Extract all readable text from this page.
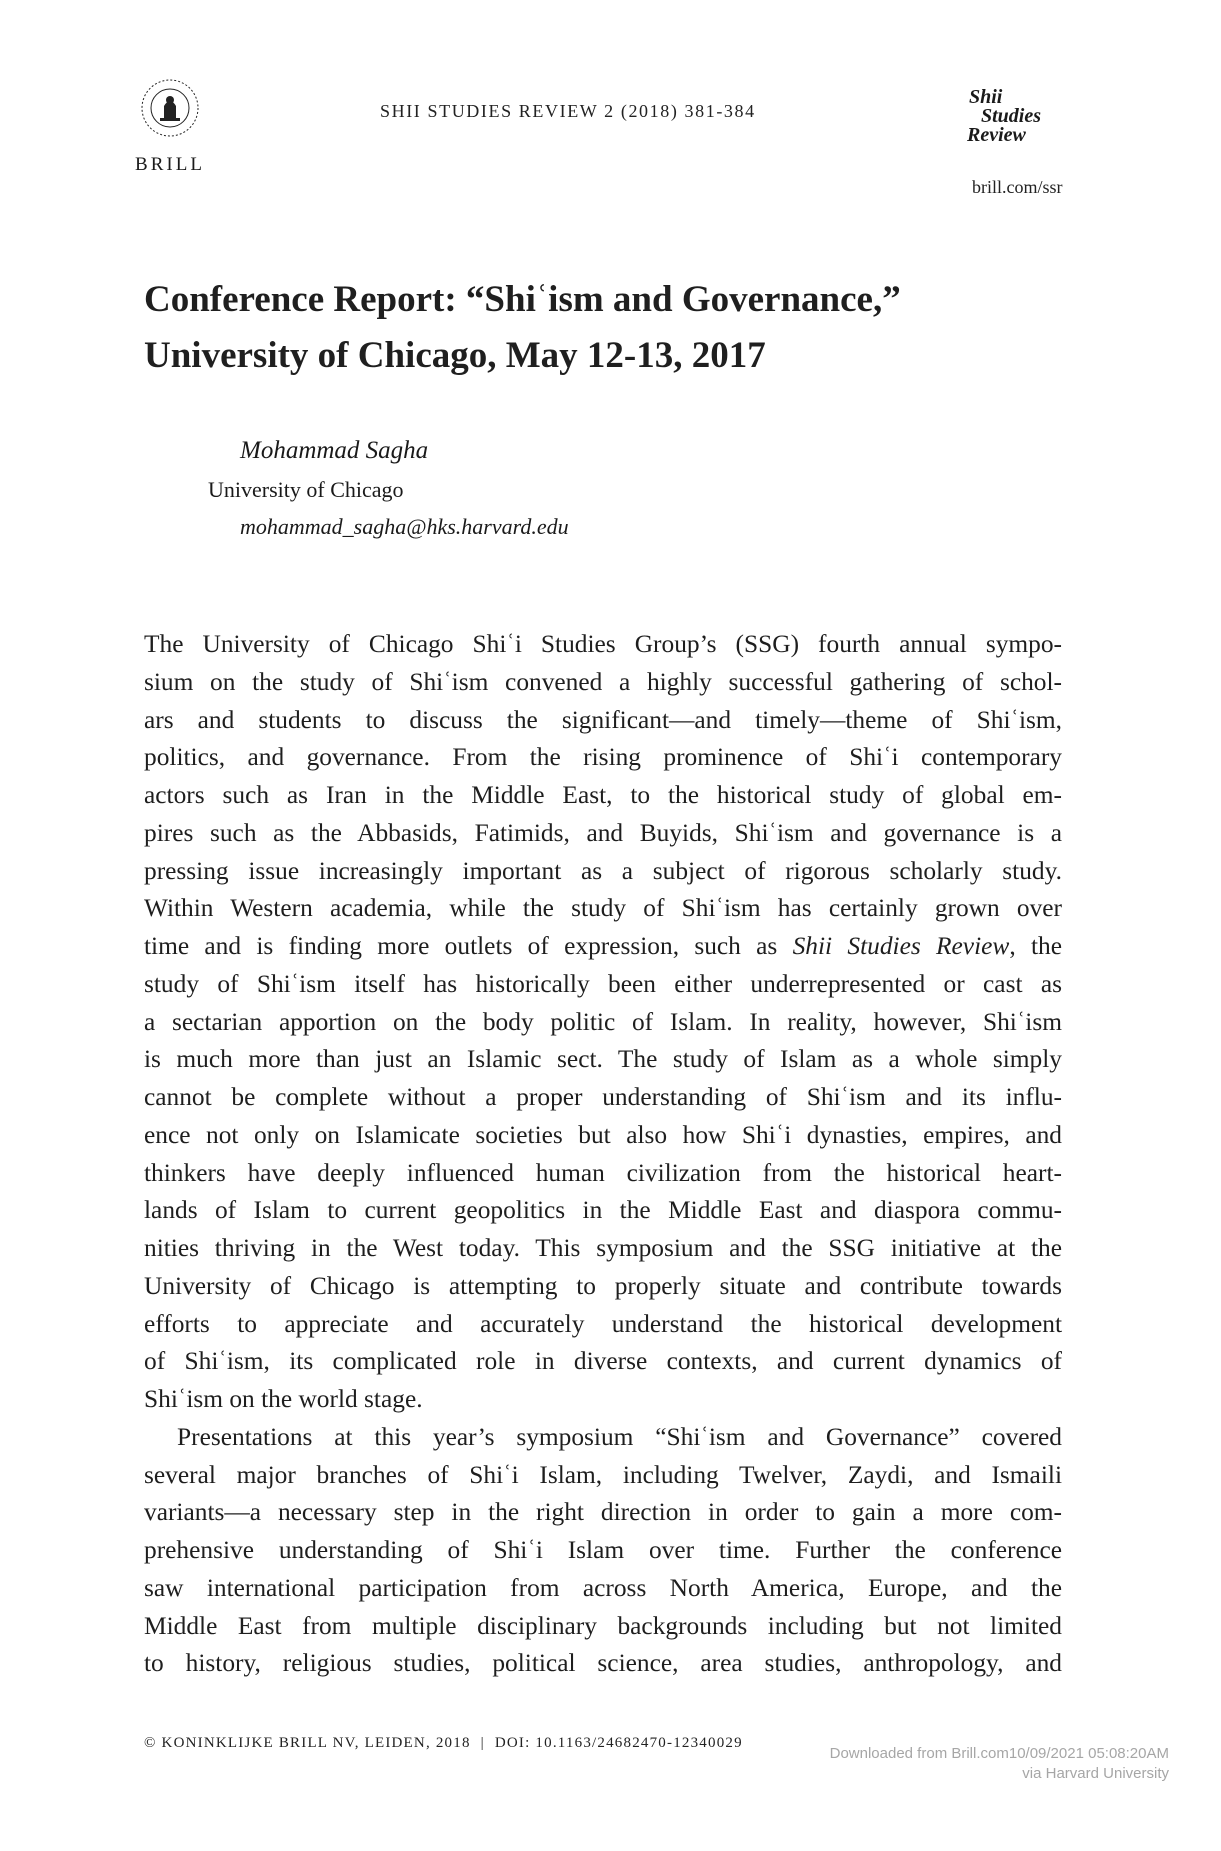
BRILL
SHII STUDIES REVIEW 2 (2018) 381-384
Shii
Studies
Review
brill.com/ssr
Conference Report: “Shiʿism and Governance,”
University of Chicago, May 12-13, 2017
Mohammad Sagha
University of Chicago
mohammad_sagha@hks.harvard.edu
The University of Chicago Shiʿi Studies Group’s (SSG) fourth annual sympo-
sium on the study of Shiʿism convened a highly successful gathering of schol-
ars and students to discuss the significant—and timely—theme of Shiʿism,
politics, and governance. From the rising prominence of Shiʿi contemporary
actors such as Iran in the Middle East, to the historical study of global em-
pires such as the Abbasids, Fatimids, and Buyids, Shiʿism and governance is a
pressing issue increasingly important as a subject of rigorous scholarly study.
Within Western academia, while the study of Shiʿism has certainly grown over
time and is finding more outlets of expression, such as Shii Studies Review, the
study of Shiʿism itself has historically been either underrepresented or cast as
a sectarian apportion on the body politic of Islam. In reality, however, Shiʿism
is much more than just an Islamic sect. The study of Islam as a whole simply
cannot be complete without a proper understanding of Shiʿism and its influ-
ence not only on Islamicate societies but also how Shiʿi dynasties, empires, and
thinkers have deeply influenced human civilization from the historical heart-
lands of Islam to current geopolitics in the Middle East and diaspora commu-
nities thriving in the West today. This symposium and the SSG initiative at the
University of Chicago is attempting to properly situate and contribute towards
efforts to appreciate and accurately understand the historical development
of Shiʿism, its complicated role in diverse contexts, and current dynamics of
Shiʿism on the world stage.
Presentations at this year’s symposium “Shiʿism and Governance” covered
several major branches of Shiʿi Islam, including Twelver, Zaydi, and Ismaili
variants—a necessary step in the right direction in order to gain a more com-
prehensive understanding of Shiʿi Islam over time. Further the conference
saw international participation from across North America, Europe, and the
Middle East from multiple disciplinary backgrounds including but not limited
to history, religious studies, political science, area studies, anthropology, and
© KONINKLIJKE BRILL NV, LEIDEN, 2018 | DOI: 10.1163/24682470-12340029
Downloaded from Brill.com10/09/2021 05:08:20AM
via Harvard University
